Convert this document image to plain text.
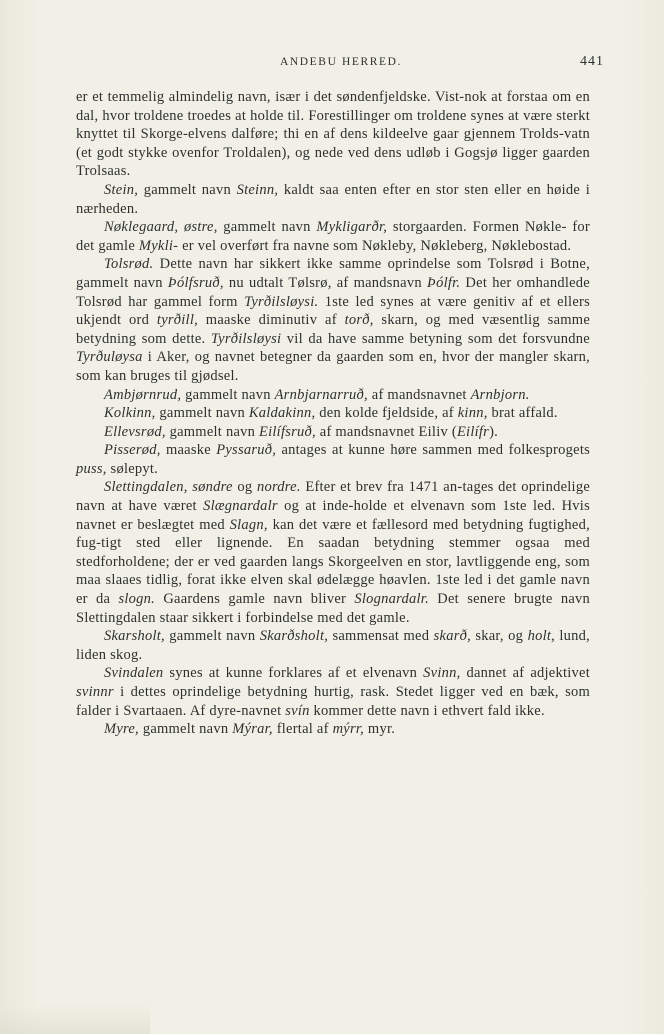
ANDEBU HERRED.	441

er et temmelig almindelig navn, især i det søndenfjeldske. Vist-nok at forstaa om en dal, hvor troldene troedes at holde til. Forestillinger om troldene synes at være sterkt knyttet til Skorge-elvens dalføre; thi en af dens kildeelve gaar gjennem Trolds-vatn (et godt stykke ovenfor Troldalen), og nede ved dens udløb i Gogsjø ligger gaarden Trolsaas.

Stein, gammelt navn Steinn, kaldt saa enten efter en stor sten eller en høide i nærheden.

Nøklegaard, østre, gammelt navn Mykligarðr, storgaarden. Formen Nøkle- for det gamle Mykli- er vel overført fra navne som Nøkleby, Nøkleberg, Nøklebostad.

Tolsrød. Dette navn har sikkert ikke samme oprindelse som Tolsrød i Botne, gammelt navn Þólfsruð, nu udtalt Tølsrø, af mandsnavn Þólfr. Det her omhandlede Tolsrød har gammel form Tyrðilsløysi. 1ste led synes at være genitiv af et ellers ukjendt ord tyrðill, maaske diminutiv af torð, skarn, og med væsentlig samme betydning som dette. Tyrðilsløysi vil da have samme betyning som det forsvundne Tyrðuløysa i Aker, og navnet betegner da gaarden som en, hvor der mangler skarn, som kan bruges til gjødsel.

Ambjørnrud, gammelt navn Arnbjarnarruð, af mandsnavnet Arnbjorn.

Kolkinn, gammelt navn Kaldakinn, den kolde fjeldside, af kinn, brat affald.

Ellevsrød, gammelt navn Eilífsruð, af mandsnavnet Eiliv (Eilífr).

Pisserød, maaske Pyssaruð, antages at kunne høre sammen med folkesprogets puss, sølepyt.

Slettingdalen, søndre og nordre. Efter et brev fra 1471 an-tages det oprindelige navn at have været Slægnardalr og at inde-holde et elvenavn som 1ste led. Hvis navnet er beslægtet med Slagn, kan det være et fællesord med betydning fugtighed, fug-tigt sted eller lignende. En saadan betydning stemmer ogsaa med stedforholdene; der er ved gaarden langs Skorgeelven en stor, lavtliggende eng, som maa slaaes tidlig, forat ikke elven skal ødelægge høavlen. 1ste led i det gamle navn er da slogn. Gaardens gamle navn bliver Slognardalr. Det senere brugte navn Slettingdalen staar sikkert i forbindelse med det gamle.

Skarsholt, gammelt navn Skarðsholt, sammensat med skarð, skar, og holt, lund, liden skog.

Svindalen synes at kunne forklares af et elvenavn Svinn, dannet af adjektivet svinnr i dettes oprindelige betydning hurtig, rask. Stedet ligger ved en bæk, som falder i Svartaaen. Af dyre-navnet svín kommer dette navn i ethvert fald ikke.

Myre, gammelt navn Mýrar, flertal af mýrr, myr.
